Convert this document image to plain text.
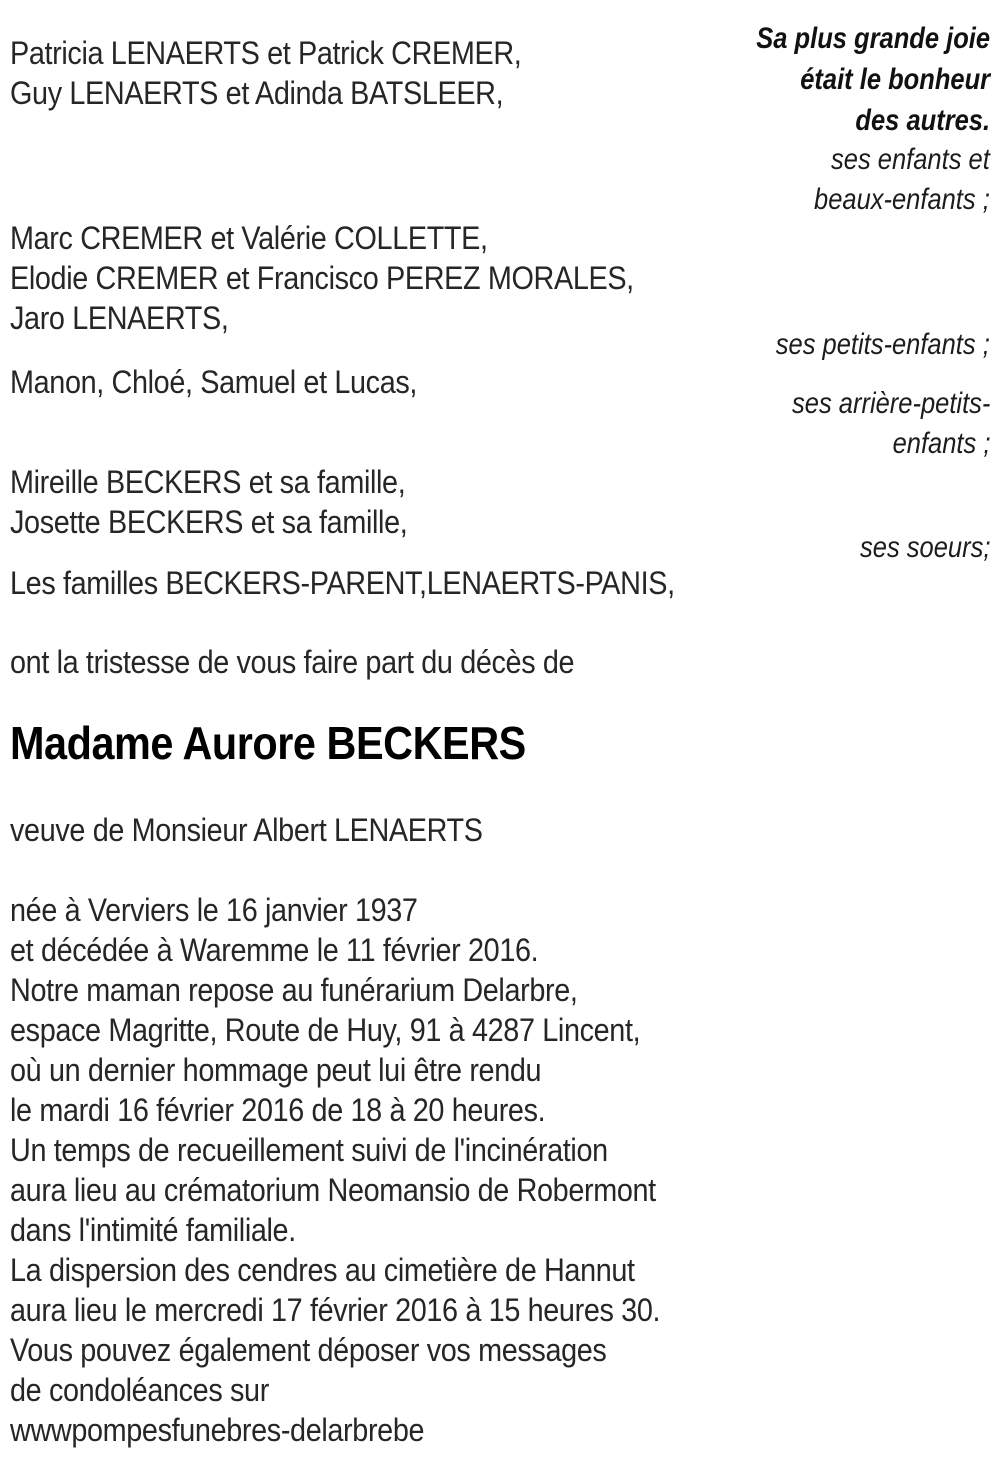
Sa plus grande joie
était le bonheur
des autres.
ses enfants et
beaux-enfants ;
ses petits-enfants ;
ses arrière-petits-
enfants ;
ses soeurs;
Patricia LENAERTS et Patrick CREMER,
Guy LENAERTS et Adinda BATSLEER,
Marc CREMER et Valérie COLLETTE,
Elodie CREMER et Francisco PEREZ MORALES,
Jaro LENAERTS,
Manon, Chloé, Samuel et Lucas,
Mireille BECKERS et sa famille,
Josette BECKERS et sa famille,
Les familles BECKERS-PARENT,LENAERTS-PANIS,
ont la tristesse de vous faire part du décès de
Madame Aurore BECKERS
veuve de Monsieur Albert LENAERTS
née à Verviers le 16 janvier 1937
et décédée à Waremme le 11 février 2016.
Notre maman repose au funérarium Delarbre,
espace Magritte, Route de Huy, 91 à 4287 Lincent,
où un dernier hommage peut lui être rendu
le mardi 16 février 2016 de 18 à 20 heures.
Un temps de recueillement suivi de l'incinération
aura lieu au crématorium Neomansio de Robermont
dans l'intimité familiale.
La dispersion des cendres au cimetière de Hannut
aura lieu le mercredi 17 février 2016 à 15 heures 30.
Vous pouvez également déposer vos messages
de condoléances sur
wwwpompesfunebres-delarbrebe
